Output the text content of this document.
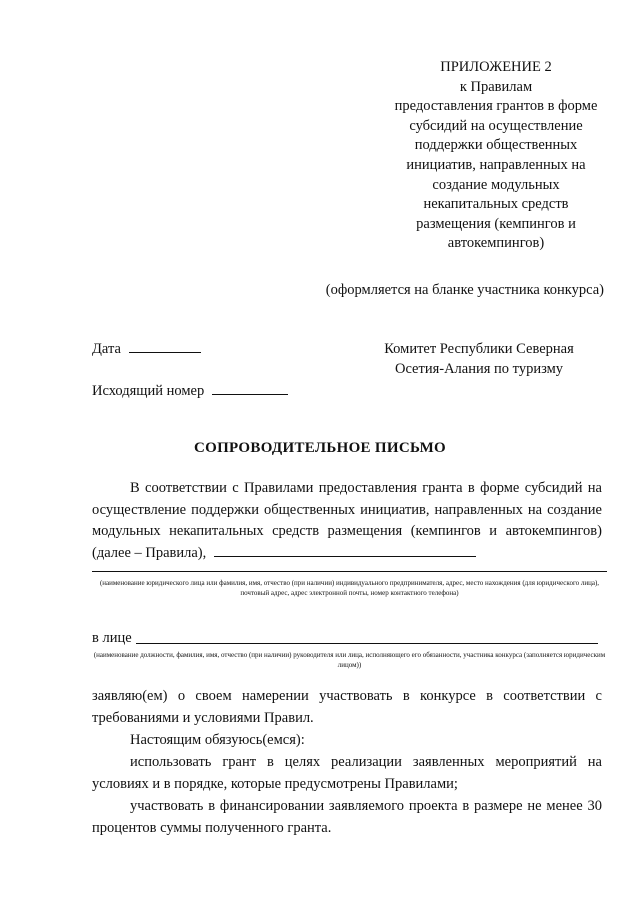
ПРИЛОЖЕНИЕ 2
к Правилам
предоставления грантов в форме
субсидий на осуществление
поддержки общественных
инициатив, направленных на
создание модульных
некапитальных средств
размещения (кемпингов и
автокемпингов)
(оформляется на бланке участника конкурса)
Дата
Исходящий номер
Комитет Республики Северная
Осетия-Алания по туризму
СОПРОВОДИТЕЛЬНОЕ ПИСЬМО
В соответствии с Правилами предоставления гранта в форме субсидий на осуществление поддержки общественных инициатив, направленных на создание модульных некапитальных средств размещения (кемпингов и автокемпингов) (далее – Правила),
(наименование юридического лица или фамилия, имя, отчество (при наличии) индивидуального предпринимателя, адрес, место нахождения (для юридического лица), почтовый адрес, адрес электронной почты, номер контактного телефона)
в лице
(наименование должности, фамилия, имя, отчество (при наличии) руководителя или лица, исполняющего его обязанности, участника конкурса (заполняется юридическим лицом))
заявляю(ем) о своем намерении участвовать в конкурсе в соответствии с требованиями и условиями Правил.
Настоящим обязуюсь(емся):
использовать грант в целях реализации заявленных мероприятий на условиях и в порядке, которые предусмотрены Правилами;
участвовать в финансировании заявляемого проекта в размере не менее 30 процентов суммы полученного гранта.
